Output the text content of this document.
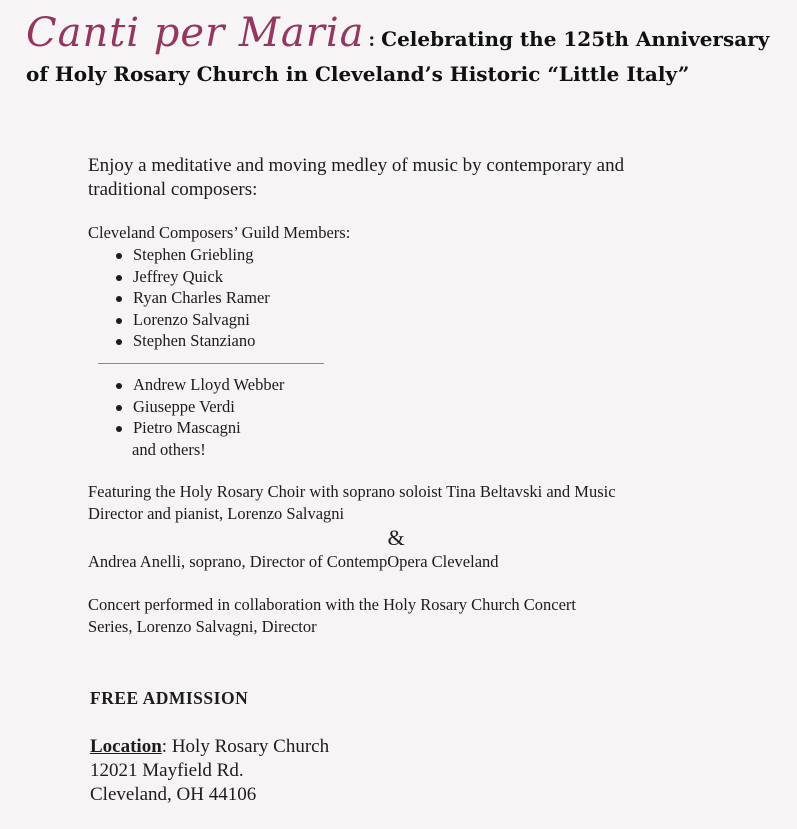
Canti per Maria : Celebrating the 125th Anniversary
of Holy Rosary Church in Cleveland’s Historic “Little Italy”

Enjoy a meditative and moving medley of music by contemporary and
traditional composers:

Cleveland Composers’ Guild Members:
Stephen Griebling
Jeffrey Quick
Ryan Charles Ramer
Lorenzo Salvagni
Stephen Stanziano
Andrew Lloyd Webber
Giuseppe Verdi
Pietro Mascagni
and others!
Featuring the Holy Rosary Choir with soprano soloist Tina Beltavski and Music
Director and pianist, Lorenzo Salvagni
&
Andrea Anelli, soprano, Director of ContempOpera Cleveland
Concert performed in collaboration with the Holy Rosary Church Concert
Series, Lorenzo Salvagni, Director
FREE ADMISSION
Location: Holy Rosary Church
12021 Mayfield Rd.
Cleveland, OH 44106
